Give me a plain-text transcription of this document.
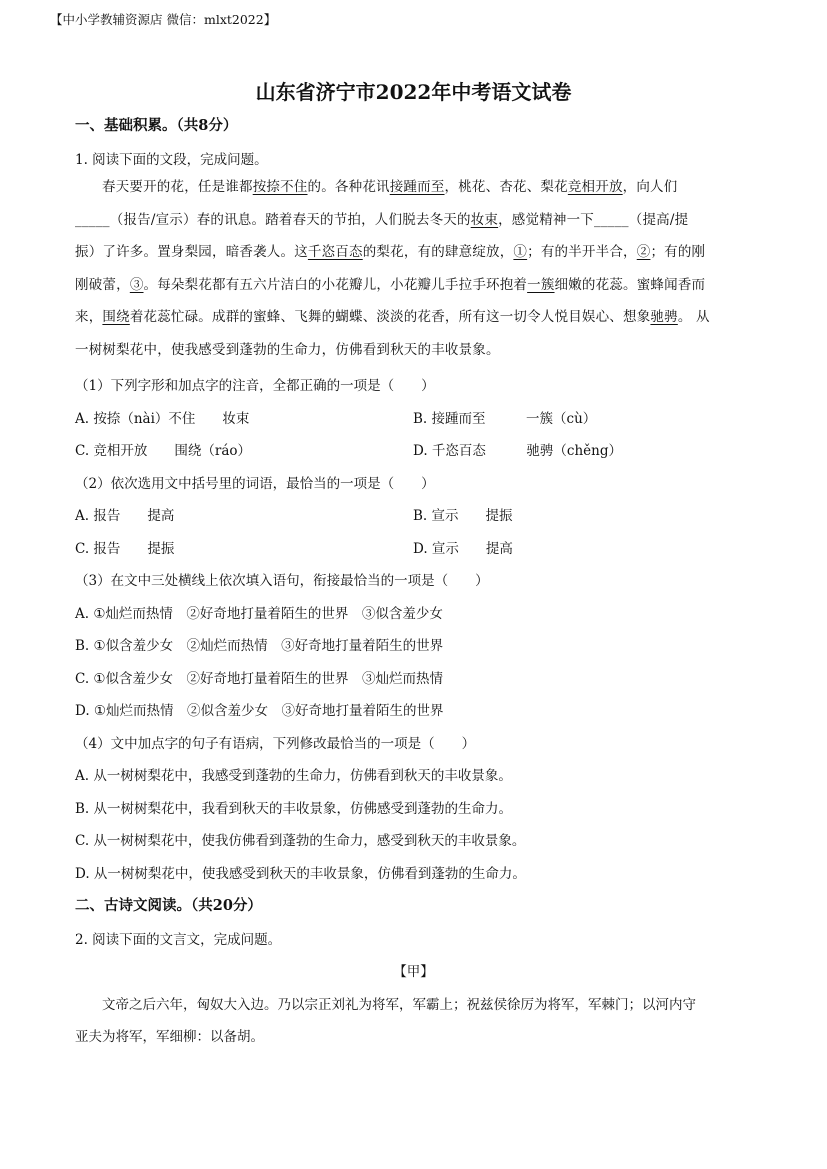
【中小学教辅资源店 微信：mlxt2022】
山东省济宁市2022年中考语文试卷
一、基础积累。（共8分）
1. 阅读下面的文段，完成问题。

春天要开的花，任是谁都按捺不住的。各种花讯接踵而至，桃花、杏花、梨花竞相开放，向人们
_____（报告/宣示）春的讯息。踏着春天的节拍，人们脱去冬天的妆束，感觉精神一下_____（提高/提
振）了许多。置身梨园，暗香袭人。这千恣百态的梨花，有的肆意绽放，①；有的半开半合，②；有的刚
刚破蕾，③。每朵梨花都有五六片洁白的小花瓣儿，小花瓣儿手拉手环抱着一簇细嫩的花蕊。蜜蜂闻香而
来，围绕着花蕊忙碌。成群的蜜蜂、飞舞的蝴蝶、淡淡的花香，所有这一切令人悦目娱心、想象驰骋。 从
一树树梨花中，使我感受到蓬勃的生命力，仿佛看到秋天的丰收景象。

（1）下列字形和加点字的注音，全都正确的一项是（　　）
A. 按捺（nài）不住　　妆束	B. 接踵而至　　　一簇（cù）
C. 竞相开放　　围绕（ráo）	D. 千恣百态　　　驰骋（chěng）
（2）依次选用文中括号里的词语，最恰当的一项是（　　）
A. 报告　　提高	B. 宣示　　提振
C. 报告　　提振	D. 宣示　　提高
（3）在文中三处横线上依次填入语句，衔接最恰当的一项是（　　）
A. ①灿烂而热情　②好奇地打量着陌生的世界　③似含羞少女
B. ①似含羞少女　②灿烂而热情　③好奇地打量着陌生的世界
C. ①似含羞少女　②好奇地打量着陌生的世界　③灿烂而热情
D. ①灿烂而热情　②似含羞少女　③好奇地打量着陌生的世界
（4）文中加点字的句子有语病，下列修改最恰当的一项是（　　）
A. 从一树树梨花中，我感受到蓬勃的生命力，仿佛看到秋天的丰收景象。
B. 从一树树梨花中，我看到秋天的丰收景象，仿佛感受到蓬勃的生命力。
C. 从一树树梨花中，使我仿佛看到蓬勃的生命力，感受到秋天的丰收景象。
D. 从一树树梨花中，使我感受到秋天的丰收景象，仿佛看到蓬勃的生命力。
二、古诗文阅读。（共20分）
2. 阅读下面的文言文，完成问题。
【甲】
文帝之后六年，匈奴大入边。乃以宗正刘礼为将军，军霸上；祝兹侯徐厉为将军，军棘门；以河内守
亚夫为将军，军细柳：以备胡。
